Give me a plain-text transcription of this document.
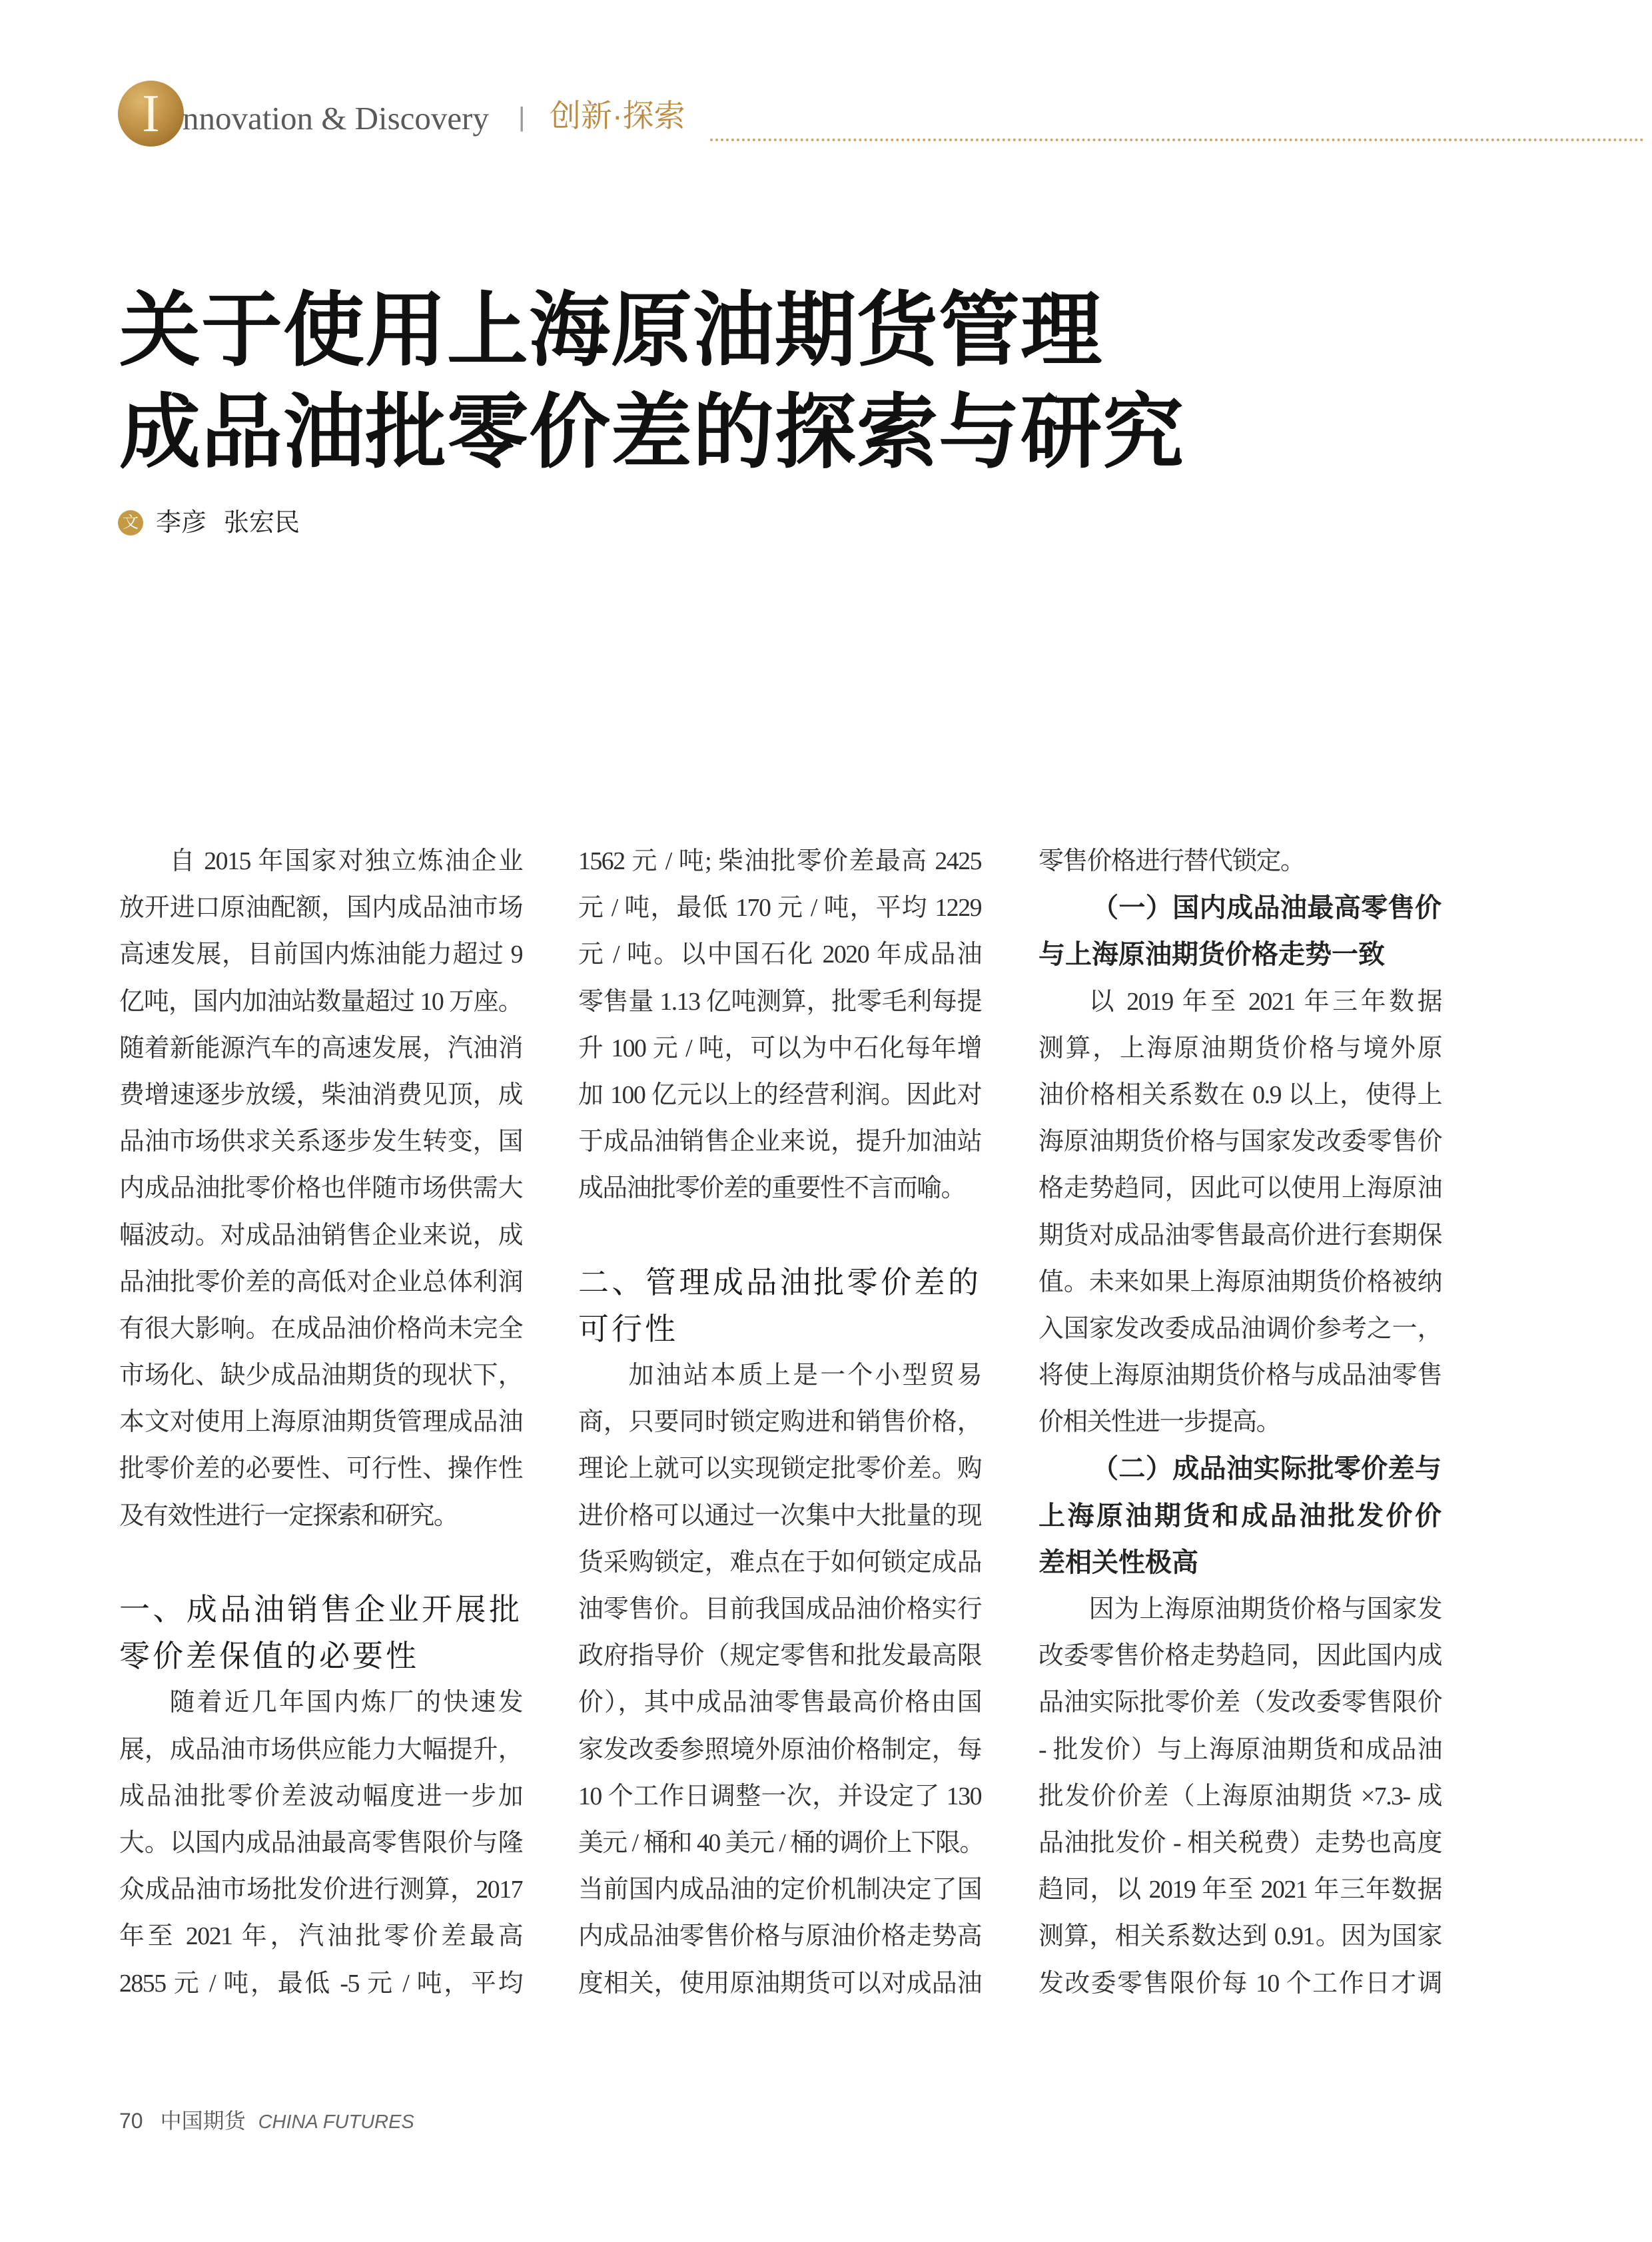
I nnovation & Discovery | 创新·探索
关于使用上海原油期货管理
成品油批零价差的探索与研究
文 李彦 张宏民
自 2015 年国家对独立炼油企业
放开进口原油配额，国内成品油市场
高速发展，目前国内炼油能力超过 9
亿吨，国内加油站数量超过 10 万座。
随着新能源汽车的高速发展，汽油消
费增速逐步放缓，柴油消费见顶，成
品油市场供求关系逐步发生转变，国
内成品油批零价格也伴随市场供需大
幅波动。对成品油销售企业来说，成
品油批零价差的高低对企业总体利润
有很大影响。在成品油价格尚未完全
市场化、缺少成品油期货的现状下，
本文对使用上海原油期货管理成品油
批零价差的必要性、可行性、操作性
及有效性进行一定探索和研究。
一、成品油销售企业开展批
零价差保值的必要性
随着近几年国内炼厂的快速发
展，成品油市场供应能力大幅提升，
成品油批零价差波动幅度进一步加
大。以国内成品油最高零售限价与隆
众成品油市场批发价进行测算，2017
年至 2021 年，汽油批零价差最高
2855 元 / 吨，最低 -5 元 / 吨，平均
1562 元 / 吨; 柴油批零价差最高 2425
元 / 吨，最低 170 元 / 吨，平均 1229
元 / 吨。以中国石化 2020 年成品油
零售量 1.13 亿吨测算，批零毛利每提
升 100 元 / 吨，可以为中石化每年增
加 100 亿元以上的经营利润。因此对
于成品油销售企业来说，提升加油站
成品油批零价差的重要性不言而喻。
二、管理成品油批零价差的
可行性
加油站本质上是一个小型贸易
商，只要同时锁定购进和销售价格，
理论上就可以实现锁定批零价差。购
进价格可以通过一次集中大批量的现
货采购锁定，难点在于如何锁定成品
油零售价。目前我国成品油价格实行
政府指导价（规定零售和批发最高限
价），其中成品油零售最高价格由国
家发改委参照境外原油价格制定，每
10 个工作日调整一次，并设定了 130
美元 / 桶和 40 美元 / 桶的调价上下限。
当前国内成品油的定价机制决定了国
内成品油零售价格与原油价格走势高
度相关，使用原油期货可以对成品油
零售价格进行替代锁定。
（一）国内成品油最高零售价
与上海原油期货价格走势一致
以 2019 年至 2021 年三年数据
测算，上海原油期货价格与境外原
油价格相关系数在 0.9 以上，使得上
海原油期货价格与国家发改委零售价
格走势趋同，因此可以使用上海原油
期货对成品油零售最高价进行套期保
值。未来如果上海原油期货价格被纳
入国家发改委成品油调价参考之一，
将使上海原油期货价格与成品油零售
价相关性进一步提高。
（二）成品油实际批零价差与
上海原油期货和成品油批发价价
差相关性极高
因为上海原油期货价格与国家发
改委零售价格走势趋同，因此国内成
品油实际批零价差（发改委零售限价
- 批发价）与上海原油期货和成品油
批发价价差（上海原油期货 ×7.3- 成
品油批发价 - 相关税费）走势也高度
趋同，以 2019 年至 2021 年三年数据
测算，相关系数达到 0.91。因为国家
发改委零售限价每 10 个工作日才调
70 中国期货 CHINA FUTURES
